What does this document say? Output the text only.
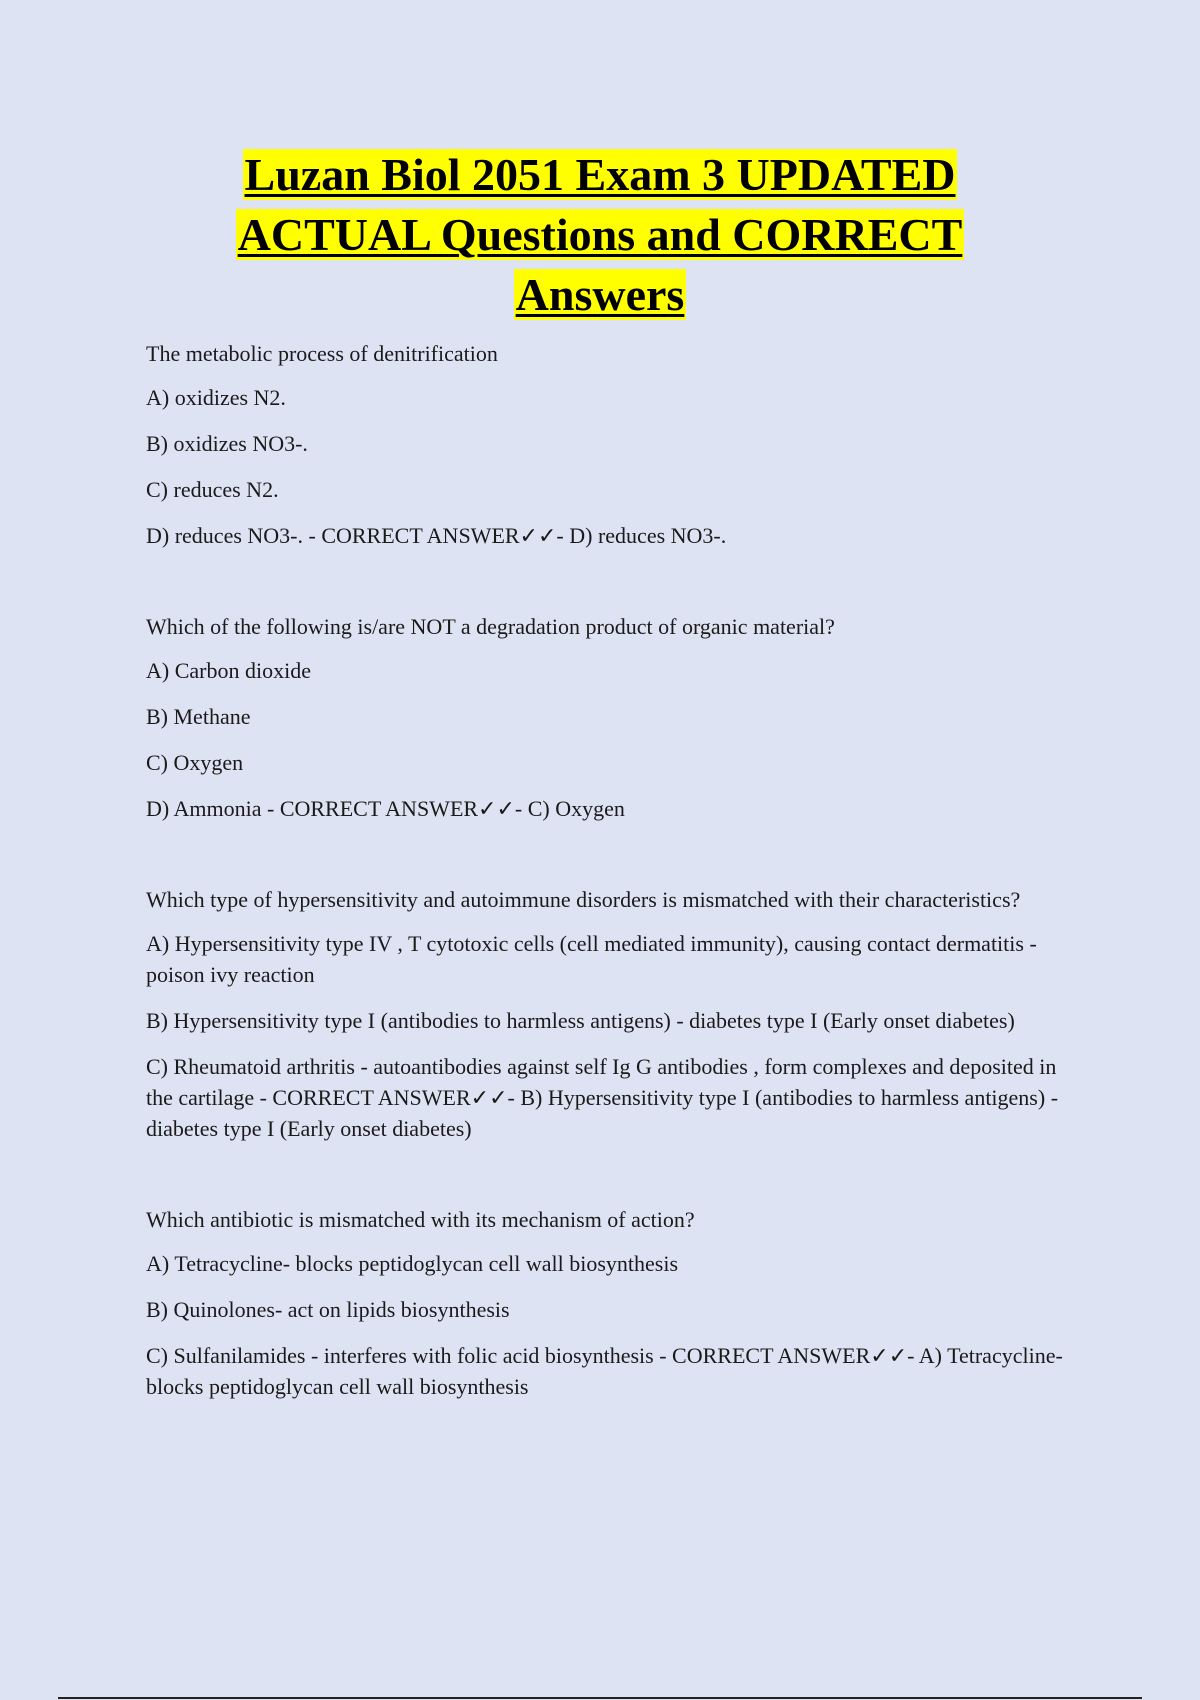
Luzan Biol 2051 Exam 3 UPDATED
ACTUAL Questions and CORRECT
Answers

The metabolic process of denitrification

A) oxidizes N2.

B) oxidizes NO3-.

C) reduces N2.

D) reduces NO3-. - CORRECT ANSWER✓✓- D) reduces NO3-.

Which of the following is/are NOT a degradation product of organic material?

A) Carbon dioxide

B) Methane

C) Oxygen

D) Ammonia - CORRECT ANSWER✓✓- C) Oxygen

Which type of hypersensitivity and autoimmune disorders is mismatched with their characteristics?

A) Hypersensitivity type IV , T cytotoxic cells (cell mediated immunity), causing contact dermatitis - poison ivy reaction

B) Hypersensitivity type I (antibodies to harmless antigens) - diabetes type I (Early onset diabetes)

C) Rheumatoid arthritis - autoantibodies against self Ig G antibodies , form complexes and deposited in the cartilage - CORRECT ANSWER✓✓- B) Hypersensitivity type I (antibodies to harmless antigens) - diabetes type I (Early onset diabetes)

Which antibiotic is mismatched with its mechanism of action?

A) Tetracycline- blocks peptidoglycan cell wall biosynthesis

B) Quinolones- act on lipids biosynthesis

C) Sulfanilamides - interferes with folic acid biosynthesis - CORRECT ANSWER✓✓- A) Tetracycline- blocks peptidoglycan cell wall biosynthesis
